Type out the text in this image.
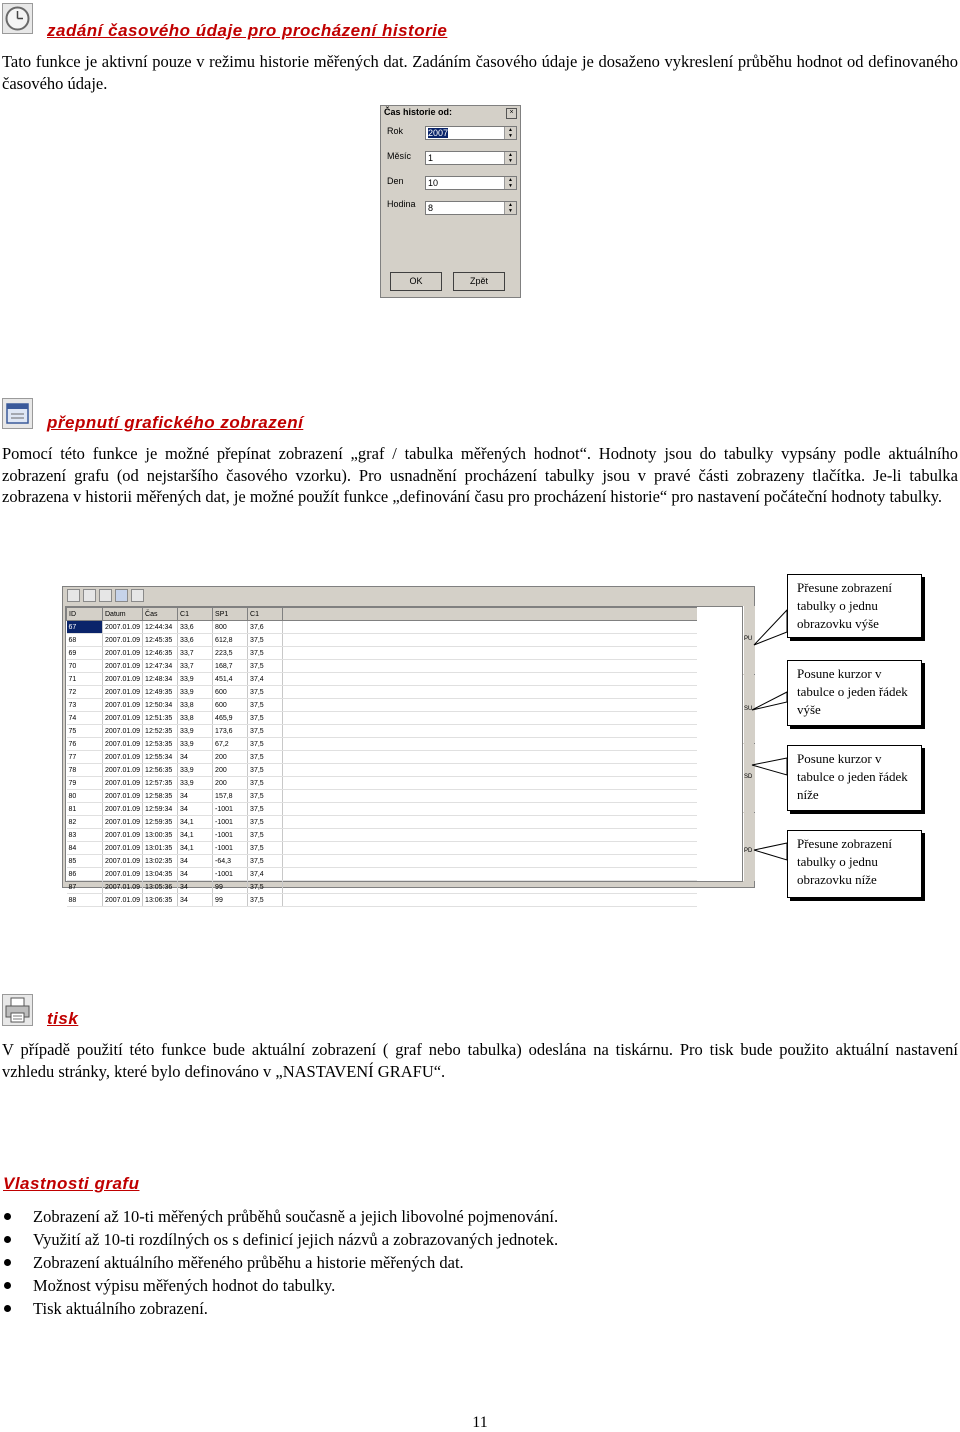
zadání časového údaje pro procházení historie
Tato funkce je aktivní pouze v režimu historie měřených dat. Zadáním časového údaje je dosaženo vykreslení průběhu hodnot od definovaného časového údaje.
Čas historie od:	×
Rok	2007	▲
▼
Měsíc	1	▲
▼
Den	10	▲
▼
Hodina	8	▲
▼
OK	Zpět
přepnutí grafického zobrazení
Pomocí této funkce je možné přepínat zobrazení „graf / tabulka měřených hodnot“. Hodnoty jsou do tabulky vypsány podle aktuálního zobrazení grafu (od nejstaršího časového vzorku). Pro usnadnění procházení tabulky jsou v pravé části zobrazeny tlačítka. Je-li tabulka zobrazena v historii měřených dat, je možné použít funkce „definování času pro procházení historie“ pro nastavení počáteční hodnoty tabulky.
ID	Datum	Čas	C1	SP1	C1	
67	2007.01.09	12:44:34	33,6	800	37,6	
68	2007.01.09	12:45:35	33,6	612,8	37,5	
69	2007.01.09	12:46:35	33,7	223,5	37,5	
70	2007.01.09	12:47:34	33,7	168,7	37,5	
71	2007.01.09	12:48:34	33,9	451,4	37,4	
72	2007.01.09	12:49:35	33,9	600	37,5	
73	2007.01.09	12:50:34	33,8	600	37,5	
74	2007.01.09	12:51:35	33,8	465,9	37,5	
75	2007.01.09	12:52:35	33,9	173,6	37,5	
76	2007.01.09	12:53:35	33,9	67,2	37,5	
77	2007.01.09	12:55:34	34	200	37,5	
78	2007.01.09	12:56:35	33,9	200	37,5	
79	2007.01.09	12:57:35	33,9	200	37,5	
80	2007.01.09	12:58:35	34	157,8	37,5	
81	2007.01.09	12:59:34	34	-1001	37,5	
82	2007.01.09	12:59:35	34,1	-1001	37,5	
83	2007.01.09	13:00:35	34,1	-1001	37,5	
84	2007.01.09	13:01:35	34,1	-1001	37,5	
85	2007.01.09	13:02:35	34	-64,3	37,5	
86	2007.01.09	13:04:35	34	-1001	37,4	
87	2007.01.09	13:05:36	34	99	37,5	
88	2007.01.09	13:06:35	34	99	37,5	
PU
SU
SD
PD
Přesune zobrazení tabulky o jednu obrazovku výše
Posune kurzor v tabulce o jeden řádek výše
Posune kurzor v tabulce o jeden řádek níže
Přesune zobrazení tabulky o jednu obrazovku níže
tisk
V případě použití této funkce bude aktuální zobrazení ( graf nebo tabulka) odeslána na tiskárnu. Pro tisk bude použito aktuální nastavení vzhledu stránky, které bylo definováno v „NASTAVENÍ GRAFU“.
Vlastnosti grafu
Zobrazení až 10-ti měřených průběhů současně a jejich libovolné pojmenování.
Využití až 10-ti rozdílných os s definicí jejich názvů a zobrazovaných jednotek.
Zobrazení aktuálního měřeného průběhu a historie měřených dat.
Možnost výpisu měřených hodnot do tabulky.
Tisk aktuálního zobrazení.
11
